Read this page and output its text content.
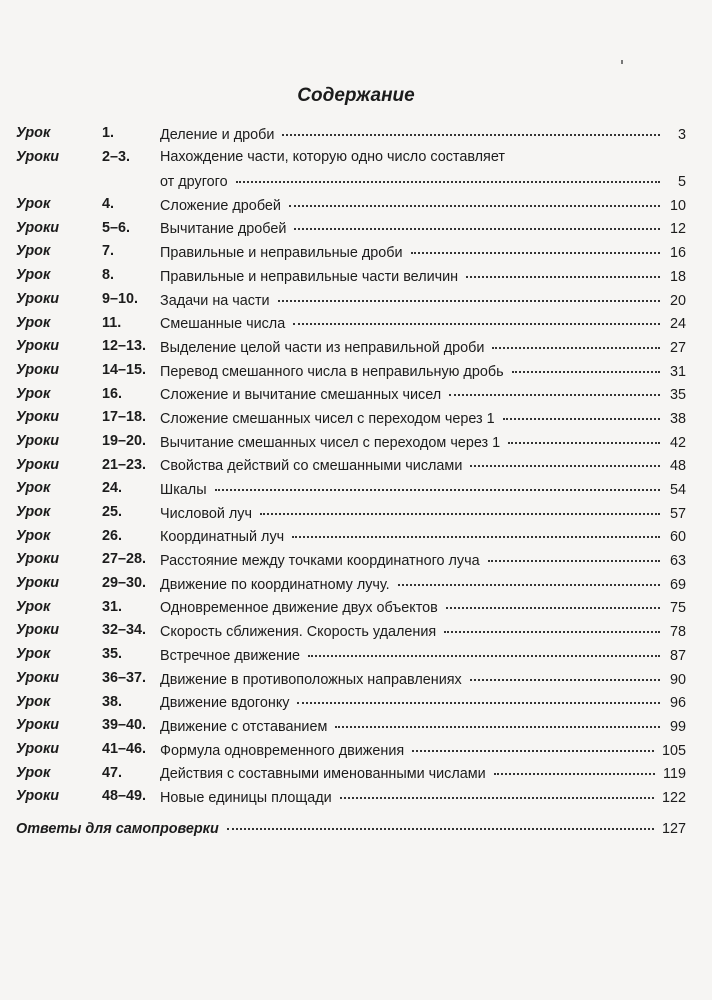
Содержание
Урок	1.	Деление и дроби	3
Уроки	2–3. Нахождение части, которую одно число составляет
от другого	5
Урок	4.	Сложение дробей	10
Уроки	5–6. Вычитание дробей	12
Урок	7.	Правильные и неправильные дроби	16
Урок	8.	Правильные и неправильные части величин	18
Уроки	9–10. Задачи на части	20
Урок	11.	Смешанные числа	24
Уроки	12–13. Выделение целой части из неправильной дроби	27
Уроки	14–15. Перевод смешанного числа в неправильную дробь	31
Урок	16.	Сложение и вычитание смешанных чисел	35
Уроки	17–18. Сложение смешанных чисел с переходом через 1	38
Уроки	19–20. Вычитание смешанных чисел с переходом через 1	42
Уроки	21–23. Свойства действий со смешанными числами	48
Урок	24.	Шкалы	54
Урок	25.	Числовой луч	57
Урок	26.	Координатный луч	60
Уроки	27–28. Расстояние между точками координатного луча	63
Уроки	29–30. Движение по координатному лучу.	69
Урок	31.	Одновременное движение двух объектов	75
Уроки	32–34. Скорость сближения. Скорость удаления	78
Урок	35.	Встречное движение	87
Уроки	36–37. Движение в противоположных направлениях	90
Урок	38.	Движение вдогонку	96
Уроки	39–40. Движение с отставанием	99
Уроки	41–46. Формула одновременного движения	105
Урок	47.	Действия с составными именованными числами	119
Уроки	48–49. Новые единицы площади	122
Ответы для самопроверки	127
